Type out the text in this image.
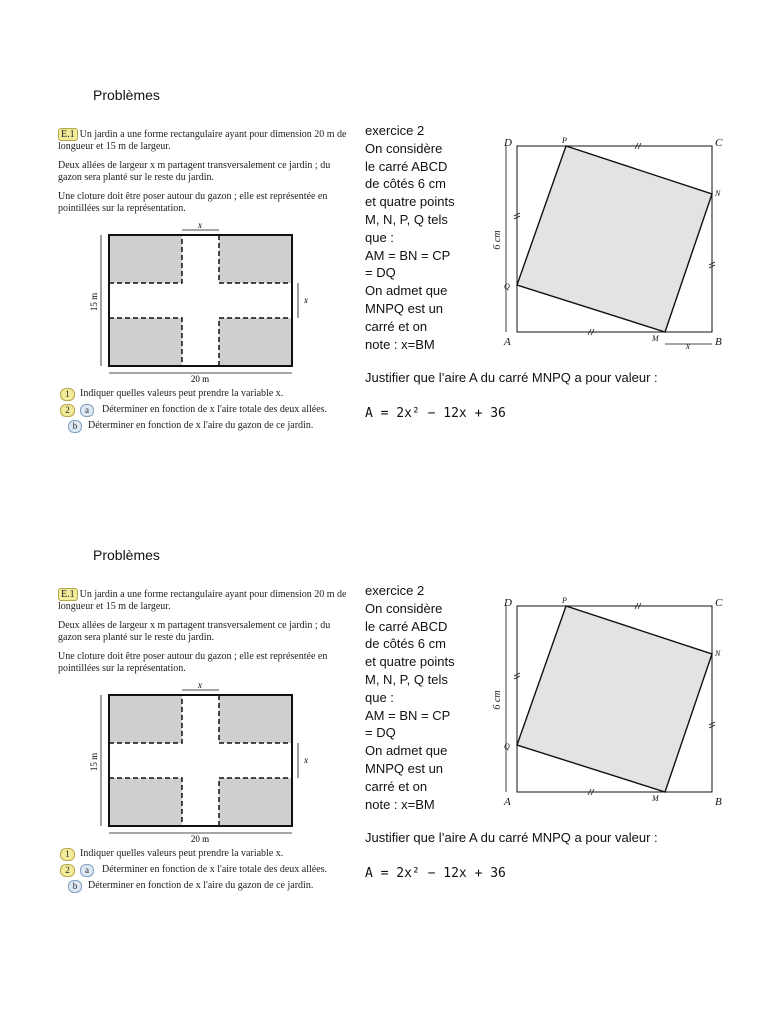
Problèmes

E.1 Un jardin a une forme rectangulaire ayant pour dimension 20 m de longueur et 15 m de largeur.

Deux allées de largeur x m partagent transversalement ce jardin ; du gazon sera planté sur le reste du jardin.

Une cloture doit être poser autour du gazon ; elle est représentée en pointillées sur la représentation.

x
x
20 m
15 m
1	Indiquer quelles valeurs peut prendre la variable x.
2	a	Déterminer en fonction de x l'aire totale des deux allées.
b	Déterminer en fonction de x l'aire du gazon de ce jardin.
exercice 2
On considère
le carré ABCD
de côtés 6 cm
et quatre points
M, N, P, Q tels
que :
AM = BN = CP
= DQ
On admet que
MNPQ est un
carré et on
note : x=BM	A	B
C
D
M
N
P
Q
x
6 cm
Justifier que l’aire A du carré MNPQ a pour valeur :
A = 2x² − 12x + 36
Problèmes

E.1 Un jardin a une forme rectangulaire ayant pour dimension 20 m de longueur et 15 m de largeur.

Deux allées de largeur x m partagent transversalement ce jardin ; du gazon sera planté sur le reste du jardin.

Une cloture doit être poser autour du gazon ; elle est représentée en pointillées sur la représentation.

x
x
20 m
15 m
1	Indiquer quelles valeurs peut prendre la variable x.
2	a	Déterminer en fonction de x l'aire totale des deux allées.
b	Déterminer en fonction de x l'aire du gazon de ce jardin.
exercice 2
On considère
le carré ABCD
de côtés 6 cm
et quatre points
M, N, P, Q tels
que :
AM = BN = CP
= DQ
On admet que
MNPQ est un
carré et on
note : x=BM	A	B
C
D
M
N
P
Q
6 cm
Justifier que l’aire A du carré MNPQ a pour valeur :
A = 2x² − 12x + 36
